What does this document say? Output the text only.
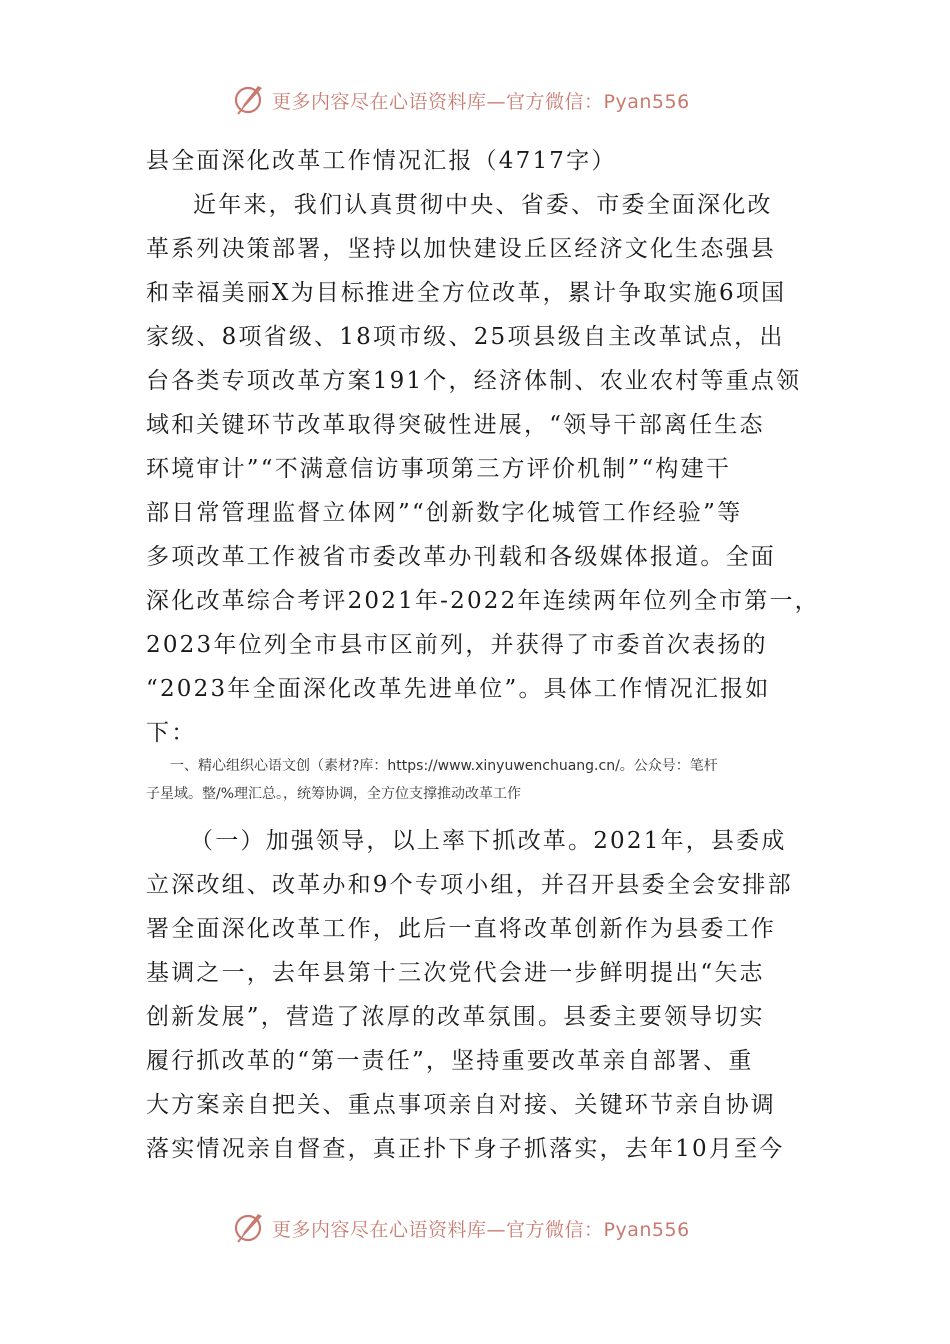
更多内容尽在心语资料库—官方微信：Pyan556
县全面深化改革工作情况汇报（4717字）
近年来，我们认真贯彻中央、省委、市委全面深化改
革系列决策部署，坚持以加快建设丘区经济文化生态强县
和幸福美丽X为目标推进全方位改革，累计争取实施6项国
家级、8项省级、18项市级、25项县级自主改革试点，出
台各类专项改革方案191个，经济体制、农业农村等重点领
域和关键环节改革取得突破性进展，“领导干部离任生态
环境审计”“不满意信访事项第三方评价机制”“构建干
部日常管理监督立体网”“创新数字化城管工作经验”等
多项改革工作被省市委改革办刊载和各级媒体报道。全面
深化改革综合考评2021年-2022年连续两年位列全市第一，
2023年位列全市县市区前列，并获得了市委首次表扬的
“2023年全面深化改革先进单位”。具体工作情况汇报如
下：
一、精心组织心语文创（素材?库：https://www.xinyuwenchuang.cn/。公众号：笔杆
子星域。整/%理汇总。，统筹协调，全方位支撑推动改革工作
（一）加强领导，以上率下抓改革。2021年，县委成
立深改组、改革办和9个专项小组，并召开县委全会安排部
署全面深化改革工作，此后一直将改革创新作为县委工作
基调之一，去年县第十三次党代会进一步鲜明提出“矢志
创新发展”，营造了浓厚的改革氛围。县委主要领导切实
履行抓改革的“第一责任”，坚持重要改革亲自部署、重
大方案亲自把关、重点事项亲自对接、关键环节亲自协调
落实情况亲自督查，真正扑下身子抓落实，去年10月至今
更多内容尽在心语资料库—官方微信：Pyan556
